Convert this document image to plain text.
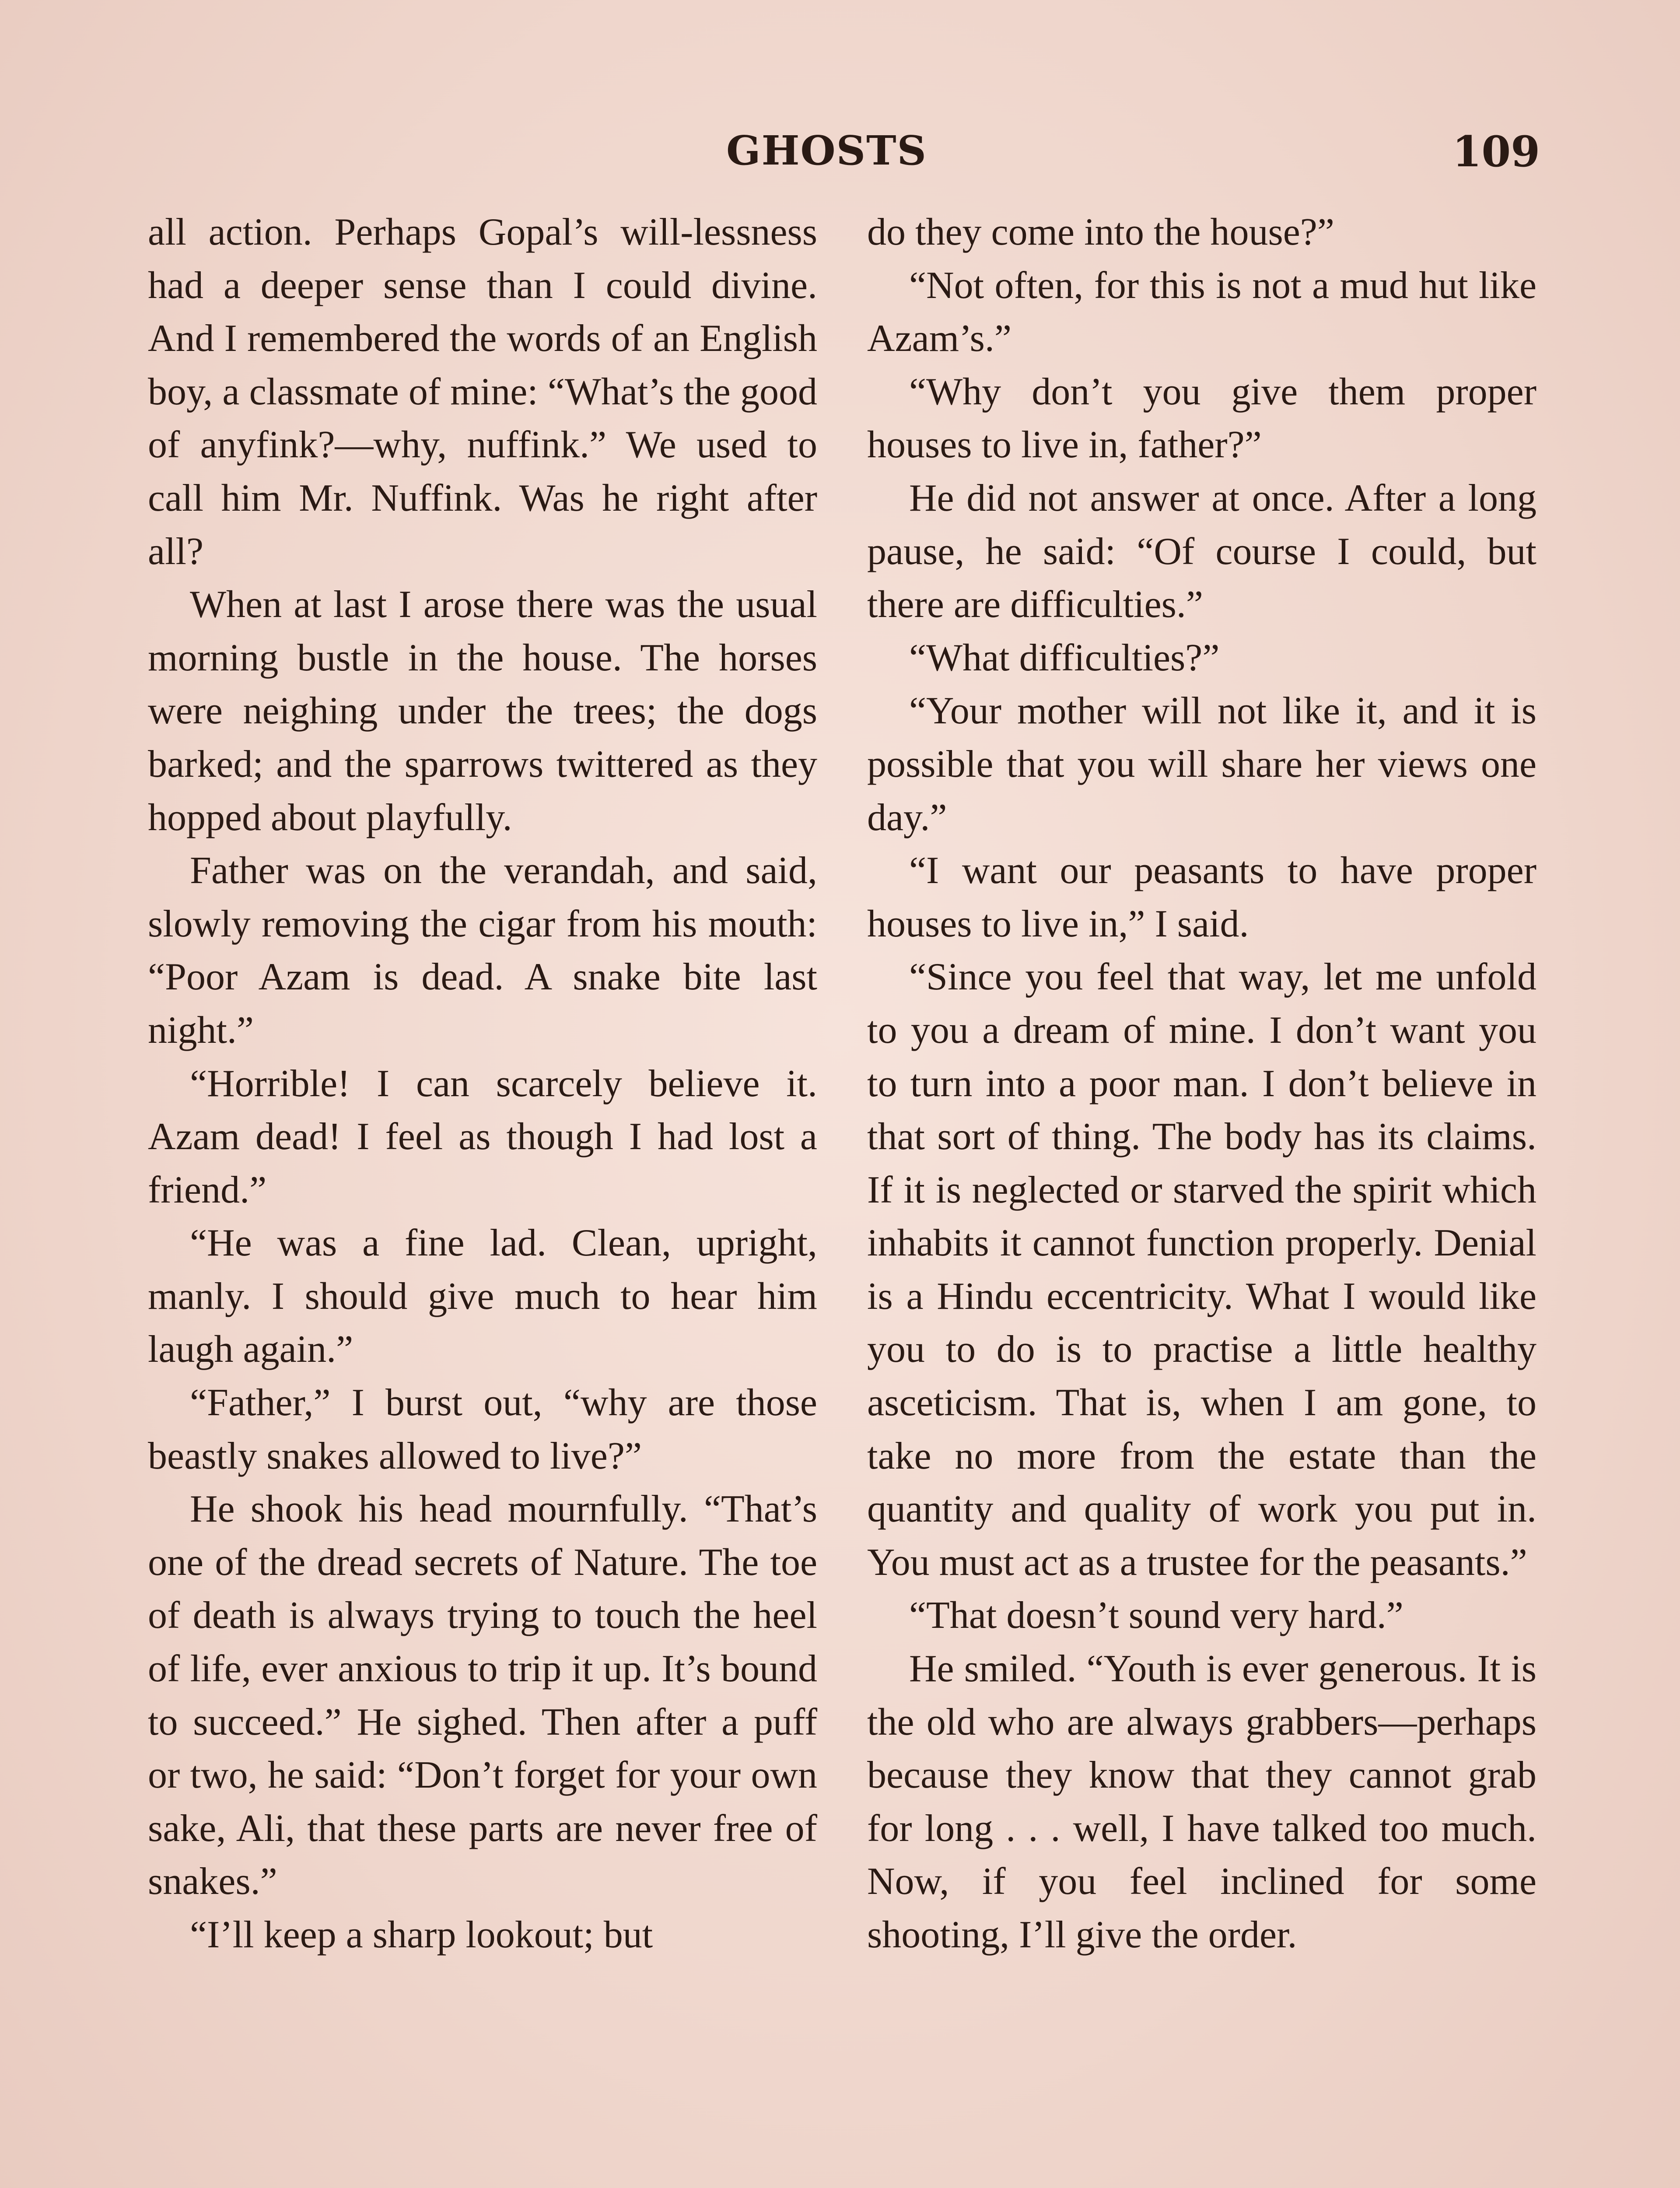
GHOSTS	109

all action. Perhaps Gopal’s will-lessness had a deeper sense than I could divine. And I remembered the words of an English boy, a classmate of mine: “What’s the good of anyfink?—why, nuffink.” We used to call him Mr. Nuffink. Was he right after all?

When at last I arose there was the usual morning bustle in the house. The horses were neighing under the trees; the dogs barked; and the sparrows twittered as they hopped about playfully.

Father was on the verandah, and said, slowly removing the cigar from his mouth: “Poor Azam is dead. A snake bite last night.”

“Horrible! I can scarcely believe it. Azam dead! I feel as though I had lost a friend.”

“He was a fine lad. Clean, upright, manly. I should give much to hear him laugh again.”

“Father,” I burst out, “why are those beastly snakes allowed to live?”

He shook his head mournfully. “That’s one of the dread secrets of Nature. The toe of death is always trying to touch the heel of life, ever anxious to trip it up. It’s bound to succeed.” He sighed. Then after a puff or two, he said: “Don’t forget for your own sake, Ali, that these parts are never free of snakes.”

“I’ll keep a sharp lookout; but

do they come into the house?”

“Not often, for this is not a mud hut like Azam’s.”

“Why don’t you give them proper houses to live in, father?”

He did not answer at once. After a long pause, he said: “Of course I could, but there are difficulties.”

“What difficulties?”

“Your mother will not like it, and it is possible that you will share her views one day.”

“I want our peasants to have proper houses to live in,” I said.

“Since you feel that way, let me unfold to you a dream of mine. I don’t want you to turn into a poor man. I don’t believe in that sort of thing. The body has its claims. If it is neglected or starved the spirit which inhabits it cannot function properly. Denial is a Hindu eccentricity. What I would like you to do is to practise a little healthy asceticism. That is, when I am gone, to take no more from the estate than the quantity and quality of work you put in. You must act as a trustee for the peasants.”

“That doesn’t sound very hard.”

He smiled. “Youth is ever generous. It is the old who are always grabbers—perhaps because they know that they cannot grab for long . . . well, I have talked too much. Now, if you feel inclined for some shooting, I’ll give the order.
